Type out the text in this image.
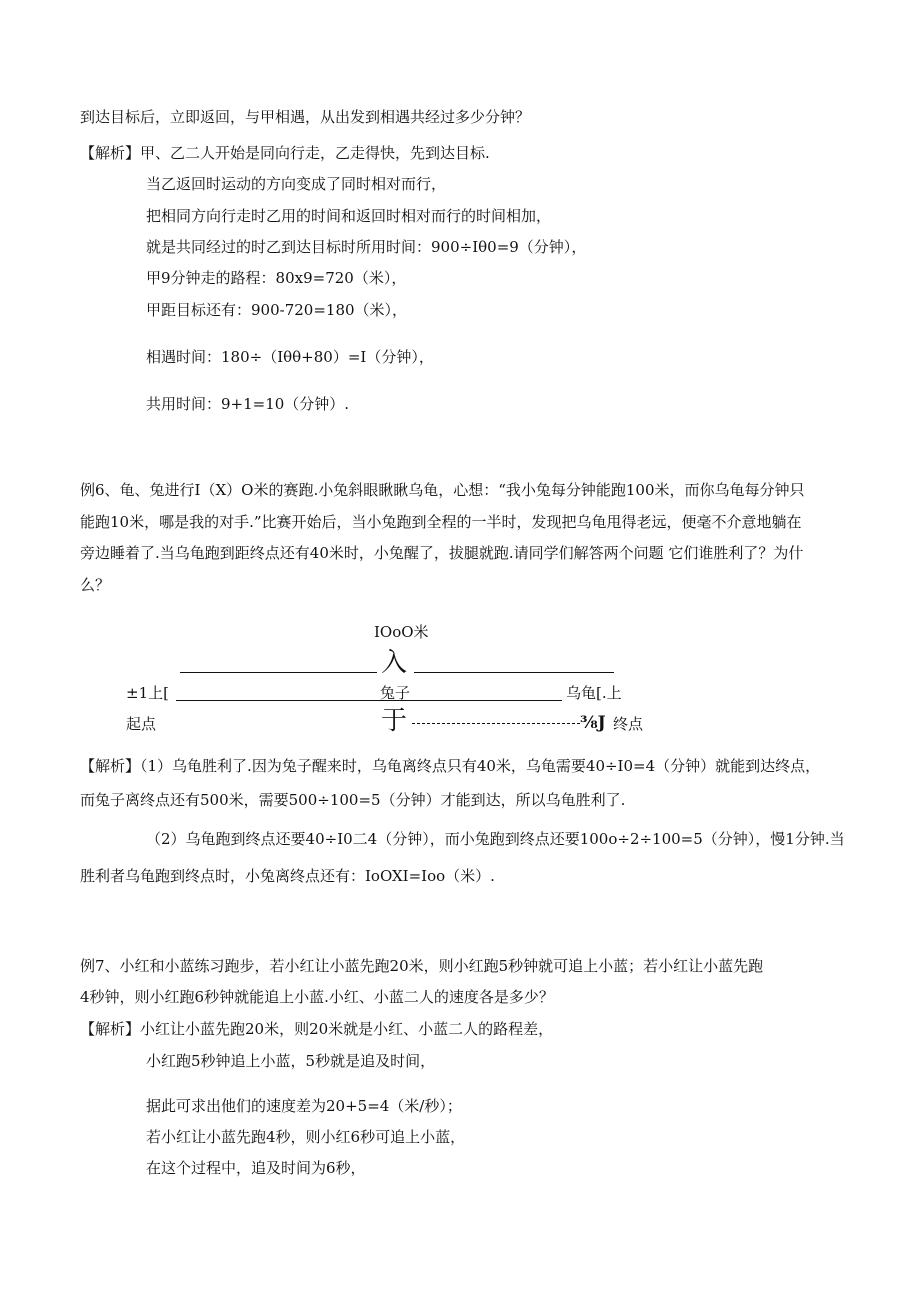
到达目标后，立即返回，与甲相遇，从出发到相遇共经过多少分钟？
【解析】甲、乙二人开始是同向行走，乙走得快，先到达目标.
当乙返回时运动的方向变成了同时相对而行，
把相同方向行走时乙用的时间和返回时相对而行的时间相加，
就是共同经过的时乙到达目标时所用时间：900÷Iθ0=9（分钟），
甲9分钟走的路程：80x9=720（米），
甲距目标还有：900-720=180（米），
相遇时间：180÷（Iθθ+80）=I（分钟），
共用时间：9+1=10（分钟）.
例6、龟、兔进行I（X）O米的赛跑.小兔斜眼瞅瞅乌龟，心想：“我小兔每分钟能跑100米，而你乌龟每分钟只
能跑10米，哪是我的对手.”比赛开始后，当小兔跑到全程的一半时，发现把乌龟甩得老远，便毫不介意地躺在
旁边睡着了.当乌龟跑到距终点还有40米时，小兔醒了，拔腿就跑.请同学们解答两个问题 它们谁胜利了？为什
么？
IOoO米
入
±1上[	兔子	乌龟[.上
起点	于	⅜J 终点
【解析】（1）乌龟胜利了.因为兔子醒来时，乌龟离终点只有40米，乌龟需要40÷I0=4（分钟）就能到达终点，
而兔子离终点还有500米，需要500÷100=5（分钟）才能到达，所以乌龟胜利了.
（2）乌龟跑到终点还要40÷I0二4（分钟），而小兔跑到终点还要100o÷2÷100=5（分钟），慢1分钟.当
胜利者乌龟跑到终点时，小兔离终点还有：IoOXI=Ioo（米）.
例7、小红和小蓝练习跑步，若小红让小蓝先跑20米，则小红跑5秒钟就可追上小蓝；若小红让小蓝先跑
4秒钟，则小红跑6秒钟就能追上小蓝.小红、小蓝二人的速度各是多少？
【解析】小红让小蓝先跑20米，则20米就是小红、小蓝二人的路程差，
小红跑5秒钟追上小蓝，5秒就是追及时间，
据此可求出他们的速度差为20+5=4（米/秒）；
若小红让小蓝先跑4秒，则小红6秒可追上小蓝，
在这个过程中，追及时间为6秒，
